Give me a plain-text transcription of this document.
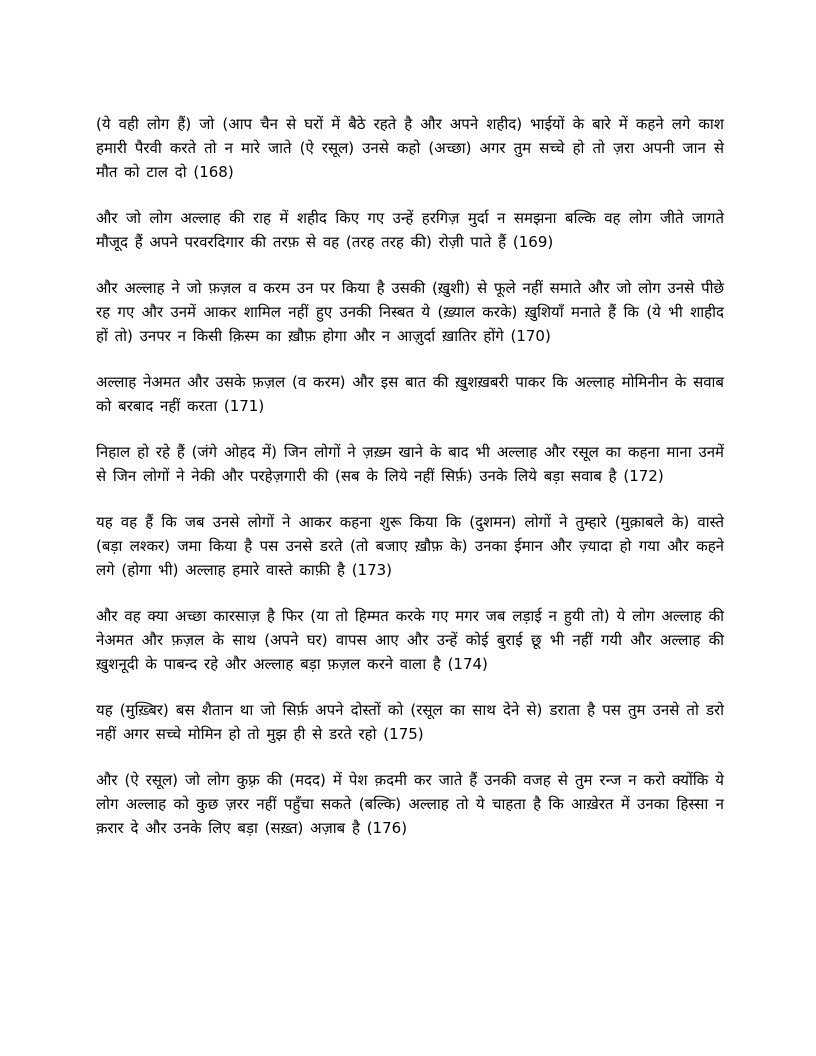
(ये वही लोग हैं) जो (आप चैन से घरों में बैठे रहते है और अपने शहीद) भाईयों के बारे में कहने लगे काश हमारी पैरवी करते तो न मारे जाते (ऐ रसूल) उनसे कहो (अच्छा) अगर तुम सच्चे हो तो ज़रा अपनी जान से मौत को टाल दो (168)

और जो लोग अल्लाह की राह में शहीद किए गए उन्हें हरगिज़ मुर्दा न समझना बल्कि वह लोग जीते जागते मौजूद हैं अपने परवरदिगार की तरफ़ से वह (तरह तरह की) रोज़ी पाते हैं (169)

और अल्लाह ने जो फ़ज़ल व करम उन पर किया है उसकी (ख़ुशी) से फूले नहीं समाते और जो लोग उनसे पीछे रह गए और उनमें आकर शामिल नहीं हुए उनकी निस्बत ये (ख़्याल करके) ख़ुशियाँ मनाते हैं कि (ये भी शाहीद हों तो) उनपर न किसी क़िस्म का ख़ौफ़ होगा और न आज़ुर्दा ख़ातिर होंगे (170)

अल्लाह नेअमत और उसके फ़ज़ल (व करम) और इस बात की ख़ुशख़बरी पाकर कि अल्लाह मोमिनीन के सवाब को बरबाद नहीं करता (171)

निहाल हो रहे हैं (जंगे ओहद में) जिन लोगों ने ज़ख़्म खाने के बाद भी अल्लाह और रसूल का कहना माना उनमें से जिन लोगों ने नेकी और परहेज़गारी की (सब के लिये नहीं सिर्फ़) उनके लिये बड़ा सवाब है (172)

यह वह हैं कि जब उनसे लोगों ने आकर कहना शुरू किया कि (दुशमन) लोगों ने तुम्हारे (मुक़ाबले के) वास्ते (बड़ा लश्कर) जमा किया है पस उनसे डरते (तो बजाए ख़ौफ़ के) उनका ईमान और ज़्यादा हो गया और कहने लगे (होगा भी) अल्लाह हमारे वास्ते काफ़ी है (173)

और वह क्या अच्छा कारसाज़ है फिर (या तो हिम्मत करके गए मगर जब लड़ाई न हुयी तो) ये लोग अल्लाह की नेअमत और फ़ज़ल के साथ (अपने घर) वापस आए और उन्हें कोई बुराई छू भी नहीं गयी और अल्लाह की ख़ुशनूदी के पाबन्द रहे और अल्लाह बड़ा फ़ज़ल करने वाला है (174)

यह (मुख़्बिर) बस शैतान था जो सिर्फ़ अपने दोस्तों को (रसूल का साथ देने से) डराता है पस तुम उनसे तो डरो नहीं अगर सच्चे मोमिन हो तो मुझ ही से डरते रहो (175)

और (ऐ रसूल) जो लोग कुफ़्र की (मदद) में पेश क़दमी कर जाते हैं उनकी वजह से तुम रन्ज न करो क्योंकि ये लोग अल्लाह को कुछ ज़रर नहीं पहुँचा सकते (बल्कि) अल्लाह तो ये चाहता है कि आख़ेरत में उनका हिस्सा न क़रार दे और उनके लिए बड़ा (सख़्त) अज़ाब है (176)
